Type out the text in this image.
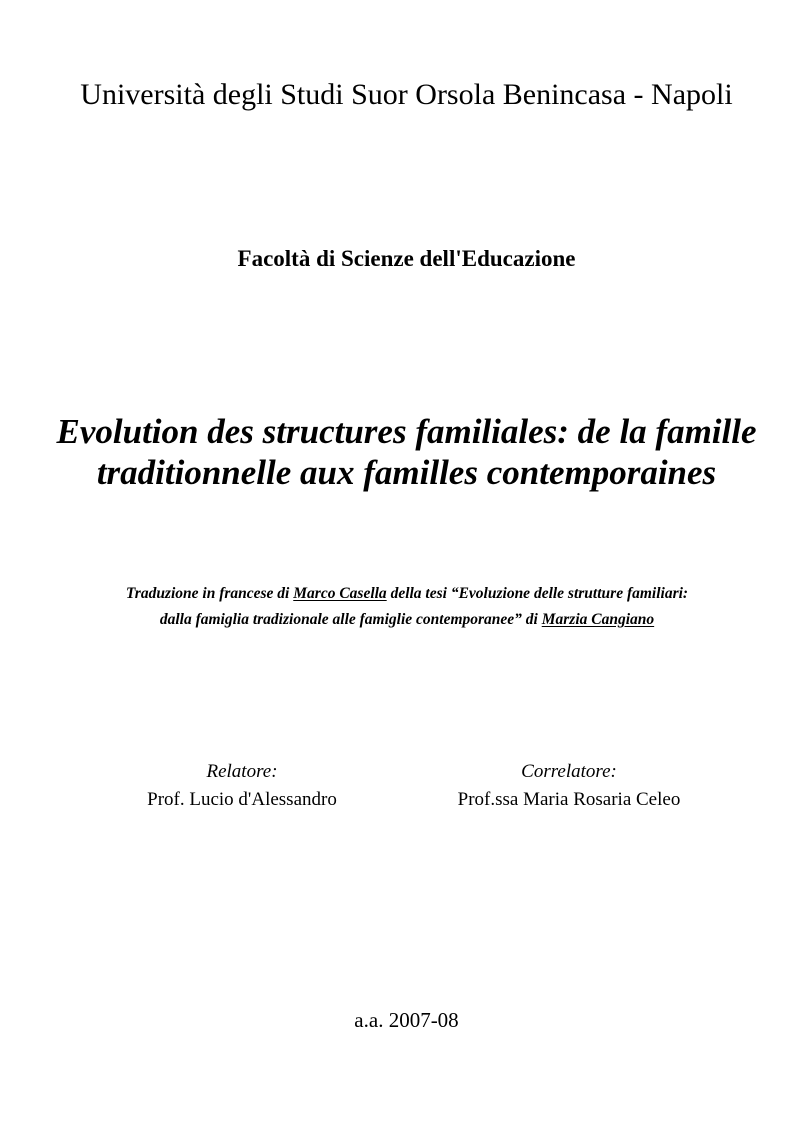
Università degli Studi Suor Orsola Benincasa - Napoli
Facoltà di Scienze dell'Educazione
Evolution des structures familiales: de la famille traditionnelle aux familles contemporaines

Traduzione in francese di Marco Casella della tesi “Evoluzione delle strutture familiari: dalla famiglia tradizionale alle famiglie contemporanee” di Marzia Cangiano

Relatore:
Prof. Lucio d'Alessandro
Correlatore:
Prof.ssa Maria Rosaria Celeo

a.a. 2007-08
